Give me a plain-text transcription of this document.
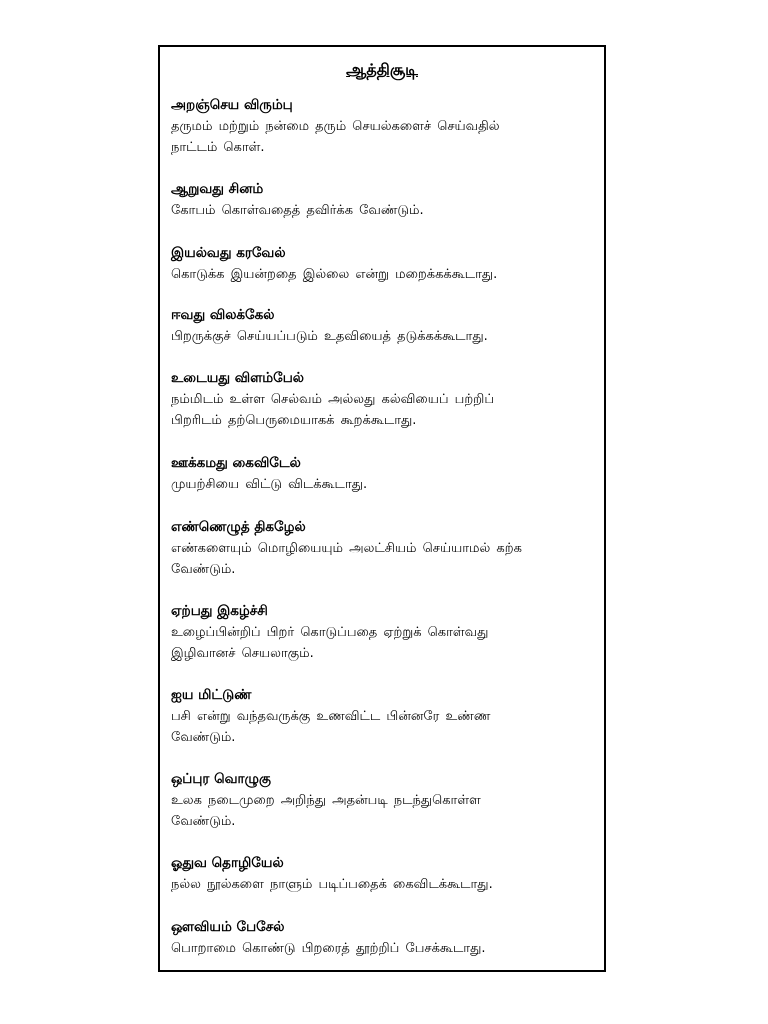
ஆத்திசூடி
அறஞ்செய விரும்பு
தருமம் மற்றும் நன்மை தரும் செயல்களைச் செய்வதில்
நாட்டம் கொள்.
ஆறுவது சினம்
கோபம் கொள்வதைத் தவிர்க்க வேண்டும்.
இயல்வது கரவேல்
கொடுக்க இயன்றதை இல்லை என்று மறைக்கக்கூடாது.
ஈவது விலக்கேல்
பிறருக்குச் செய்யப்படும் உதவியைத் தடுக்கக்கூடாது.
உடையது விளம்பேல்
நம்மிடம் உள்ள செல்வம் அல்லது கல்வியைப் பற்றிப்
பிறரிடம் தற்பெருமையாகக் கூறக்கூடாது.
ஊக்கமது கைவிடேல்
முயற்சியை விட்டு விடக்கூடாது.
எண்ணெழுத் திகழேல்
எண்களையும் மொழியையும் அலட்சியம் செய்யாமல் கற்க
வேண்டும்.
ஏற்பது இகழ்ச்சி
உழைப்பின்றிப் பிறர் கொடுப்பதை ஏற்றுக் கொள்வது
இழிவானச் செயலாகும்.
ஐய மிட்டுண்
பசி என்று வந்தவருக்கு உணவிட்ட பின்னரே உண்ண
வேண்டும்.
ஒப்புர வொழுகு
உலக நடைமுறை அறிந்து அதன்படி நடந்துகொள்ள
வேண்டும்.
ஓதுவ தொழியேல்
நல்ல நூல்களை நாளும் படிப்பதைக் கைவிடக்கூடாது.
ஔவியம் பேசேல்
பொறாமை கொண்டு பிறரைத் தூற்றிப் பேசக்கூடாது.
